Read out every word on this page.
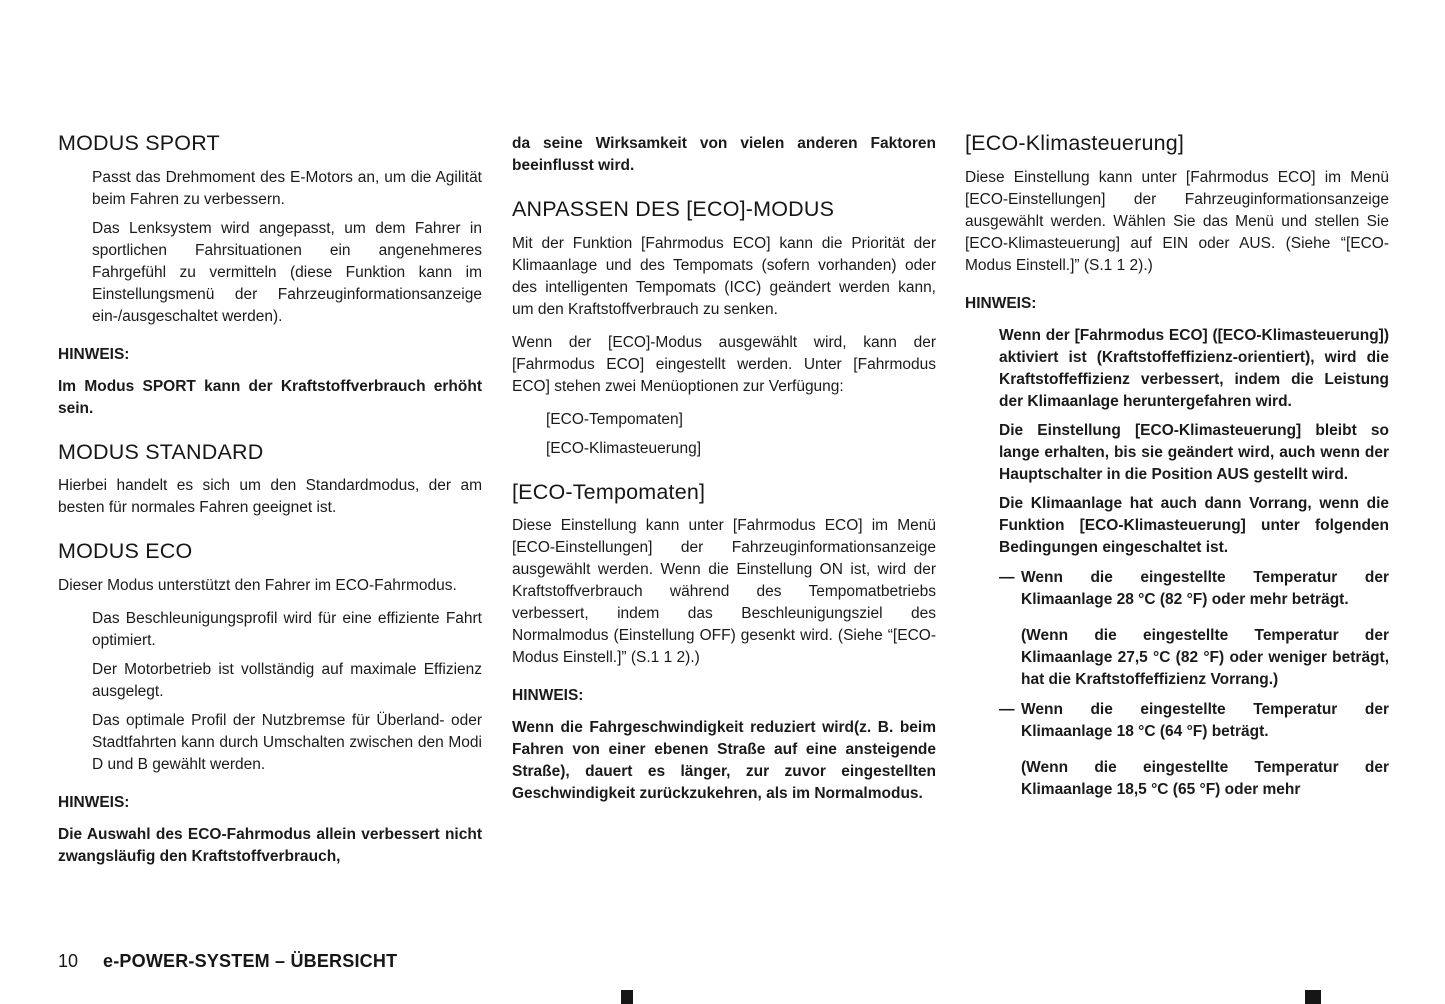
MODUS SPORT
Passt das Drehmoment des E-Motors an, um die Agilität beim Fahren zu verbessern.
Das Lenksystem wird angepasst, um dem Fahrer in sportlichen Fahrsituationen ein angenehmeres Fahrgefühl zu vermitteln (diese Funktion kann im Einstellungsmenü der Fahrzeuginformationsanzeige ein-/ausgeschaltet werden).
HINWEIS:
Im Modus SPORT kann der Kraftstoffverbrauch erhöht sein.
MODUS STANDARD

Hierbei handelt es sich um den Standardmodus, der am besten für normales Fahren geeignet ist.

MODUS ECO

Dieser Modus unterstützt den Fahrer im ECO-Fahrmodus.

Das Beschleunigungsprofil wird für eine effiziente Fahrt optimiert.
Der Motorbetrieb ist vollständig auf maximale Effizienz ausgelegt.
Das optimale Profil der Nutzbremse für Überland- oder Stadtfahrten kann durch Umschalten zwischen den Modi D und B gewählt werden.
HINWEIS:
Die Auswahl des ECO-Fahrmodus allein verbessert nicht zwangsläufig den Kraftstoffverbrauch,
da seine Wirksamkeit von vielen anderen Faktoren beeinflusst wird.
ANPASSEN DES [ECO]-MODUS

Mit der Funktion [Fahrmodus ECO] kann die Priorität der Klimaanlage und des Tempomats (sofern vorhanden) oder des intelligenten Tempomats (ICC) geändert werden kann, um den Kraftstoffverbrauch zu senken.

Wenn der [ECO]-Modus ausgewählt wird, kann der [Fahrmodus ECO] eingestellt werden. Unter [Fahrmodus ECO] stehen zwei Menüoptionen zur Verfügung:

[ECO-Tempomaten]
[ECO-Klimasteuerung]
[ECO-Tempomaten]

Diese Einstellung kann unter [Fahrmodus ECO] im Menü [ECO-Einstellungen] der Fahrzeuginformationsanzeige ausgewählt werden. Wenn die Einstellung ON ist, wird der Kraftstoffverbrauch während des Tempomatbetriebs verbessert, indem das Beschleunigungsziel des Normalmodus (Einstellung OFF) gesenkt wird. (Siehe “[ECO-Modus Einstell.]” (S.1 1 2).)

HINWEIS:
Wenn die Fahrgeschwindigkeit reduziert wird(z. B. beim Fahren von einer ebenen Straße auf eine ansteigende Straße), dauert es länger, zur zuvor eingestellten Geschwindigkeit zurückzukehren, als im Normalmodus.
[ECO-Klimasteuerung]

Diese Einstellung kann unter [Fahrmodus ECO] im Menü [ECO-Einstellungen] der Fahrzeuginformationsanzeige ausgewählt werden. Wählen Sie das Menü und stellen Sie [ECO-Klimasteuerung] auf EIN oder AUS. (Siehe “[ECO-Modus Einstell.]” (S.1 1 2).)

HINWEIS:
Wenn der [Fahrmodus ECO] ([ECO-Klimasteuerung]) aktiviert ist (Kraftstoffeffizienz-orientiert), wird die Kraftstoffeffizienz verbessert, indem die Leistung der Klimaanlage heruntergefahren wird.
Die Einstellung [ECO-Klimasteuerung] bleibt so lange erhalten, bis sie geändert wird, auch wenn der Hauptschalter in die Position AUS gestellt wird.
Die Klimaanlage hat auch dann Vorrang, wenn die Funktion [ECO-Klimasteuerung] unter folgenden Bedingungen eingeschaltet ist.
— Wenn die eingestellte Temperatur der Klimaanlage 28 °C (82 °F) oder mehr beträgt.
(Wenn die eingestellte Temperatur der Klimaanlage 27,5 °C (82 °F) oder weniger beträgt, hat die Kraftstoffeffizienz Vorrang.)
— Wenn die eingestellte Temperatur der Klimaanlage 18 °C (64 °F) beträgt.
(Wenn die eingestellte Temperatur der Klimaanlage 18,5 °C (65 °F) oder mehr
10 e-POWER-SYSTEM – ÜBERSICHT
